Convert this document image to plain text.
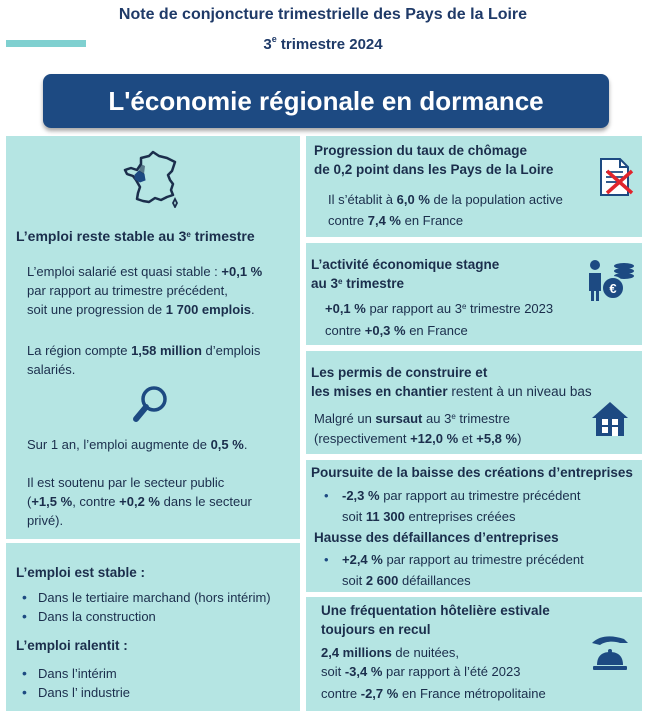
Note de conjoncture trimestrielle des Pays de la Loire
3e trimestre 2024
L'économie régionale en dormance
L’emploi reste stable au 3e trimestre
L’emploi salarié est quasi stable : +0,1 %
par rapport au trimestre précédent,
soit une progression de 1 700 emplois.
La région compte 1,58 million d’emplois
salariés.
Sur 1 an, l’emploi augmente de 0,5 %.
Il est soutenu par le secteur public
(+1,5 %, contre +0,2 % dans le secteur
privé).
L’emploi est stable :
• Dans le tertiaire marchand (hors intérim)
• Dans la construction
L’emploi ralentit :
• Dans l’intérim
• Dans l’ industrie
Progression du taux de chômage
de 0,2 point dans les Pays de la Loire
Il s’établit à 6,0 % de la population active
contre 7,4 % en France
L’activité économique stagne
au 3e trimestre
+0,1 % par rapport au 3e trimestre 2023
contre +0,3 % en France
€
Les permis de construire et
les mises en chantier restent à un niveau bas
Malgré un sursaut au 3e trimestre
(respectivement +12,0 % et +5,8 %)
Poursuite de la baisse des créations d’entreprises
• -2,3 % par rapport au trimestre précédent
soit 11 300 entreprises créées
Hausse des défaillances d’entreprises
• +2,4 % par rapport au trimestre précédent
soit 2 600 défaillances
Une fréquentation hôtelière estivale
toujours en recul
2,4 millions de nuitées,
soit -3,4 % par rapport à l’été 2023
contre -2,7 % en France métropolitaine
